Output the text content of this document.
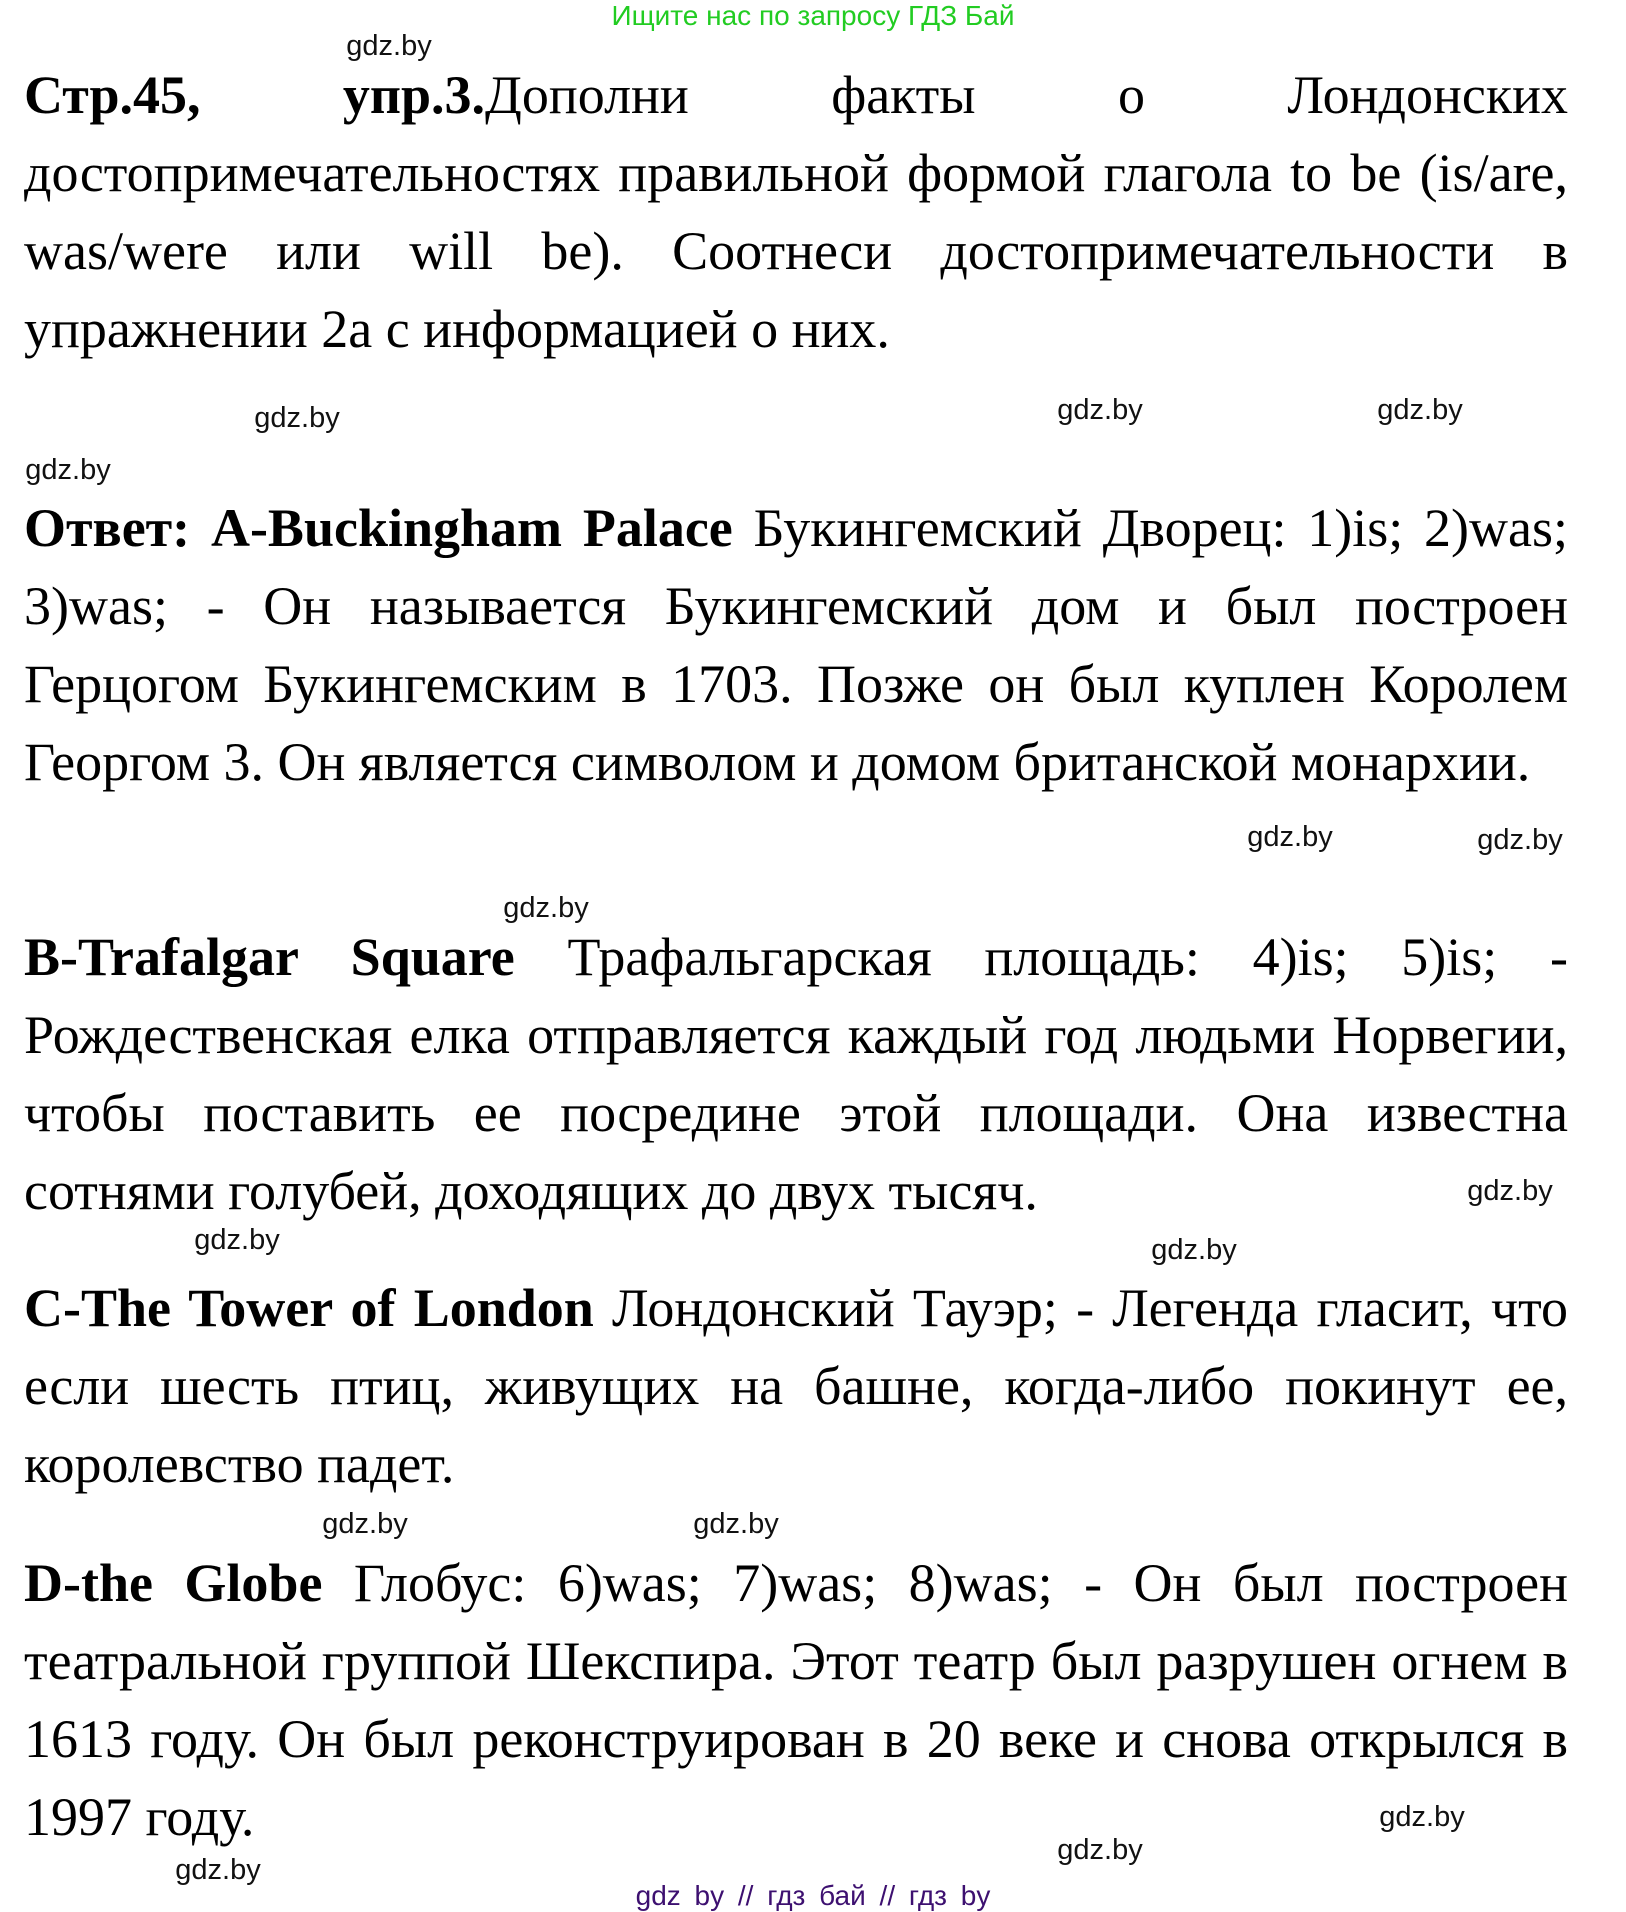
Ищите нас по запросу ГДЗ Бай

Стр.45, упр.3.Дополни факты о Лондонских достопримечательностях правильной формой глагола to be (is/are, was/were или will be). Соотнеси достопримечательности в упражнении 2а с информацией о них.

Ответ: A-Buckingham Palace Букингемский Дворец: 1)is; 2)was; 3)was; - Он называется Букингемский дом и был построен Герцогом Букингемским в 1703. Позже он был куплен Королем Георгом 3. Он является символом и домом британской монархии.

B-Trafalgar Square Трафальгарская площадь: 4)is; 5)is; - Рождественская елка отправляется каждый год людьми Норвегии, чтобы поставить ее посредине этой площади. Она известна сотнями голубей, доходящих до двух тысяч.

C-The Tower of London Лондонский Тауэр; - Легенда гласит, что если шесть птиц, живущих на башне, когда-либо покинут ее, королевство падет.

D-the Globe Глобус: 6)was; 7)was; 8)was; - Он был построен театральной группой Шекспира. Этот театр был разрушен огнем в 1613 году. Он был реконструирован в 20 веке и снова открылся в 1997 году.

gdz.by
gdz.by
gdz.by
gdz.by
gdz.by
gdz.by
gdz.by
gdz.by
gdz.by
gdz.by
gdz.by
gdz.by	gdz.by
gdz.by
gdz.by
gdz.by
gdz by // гдз бай // гдз by
